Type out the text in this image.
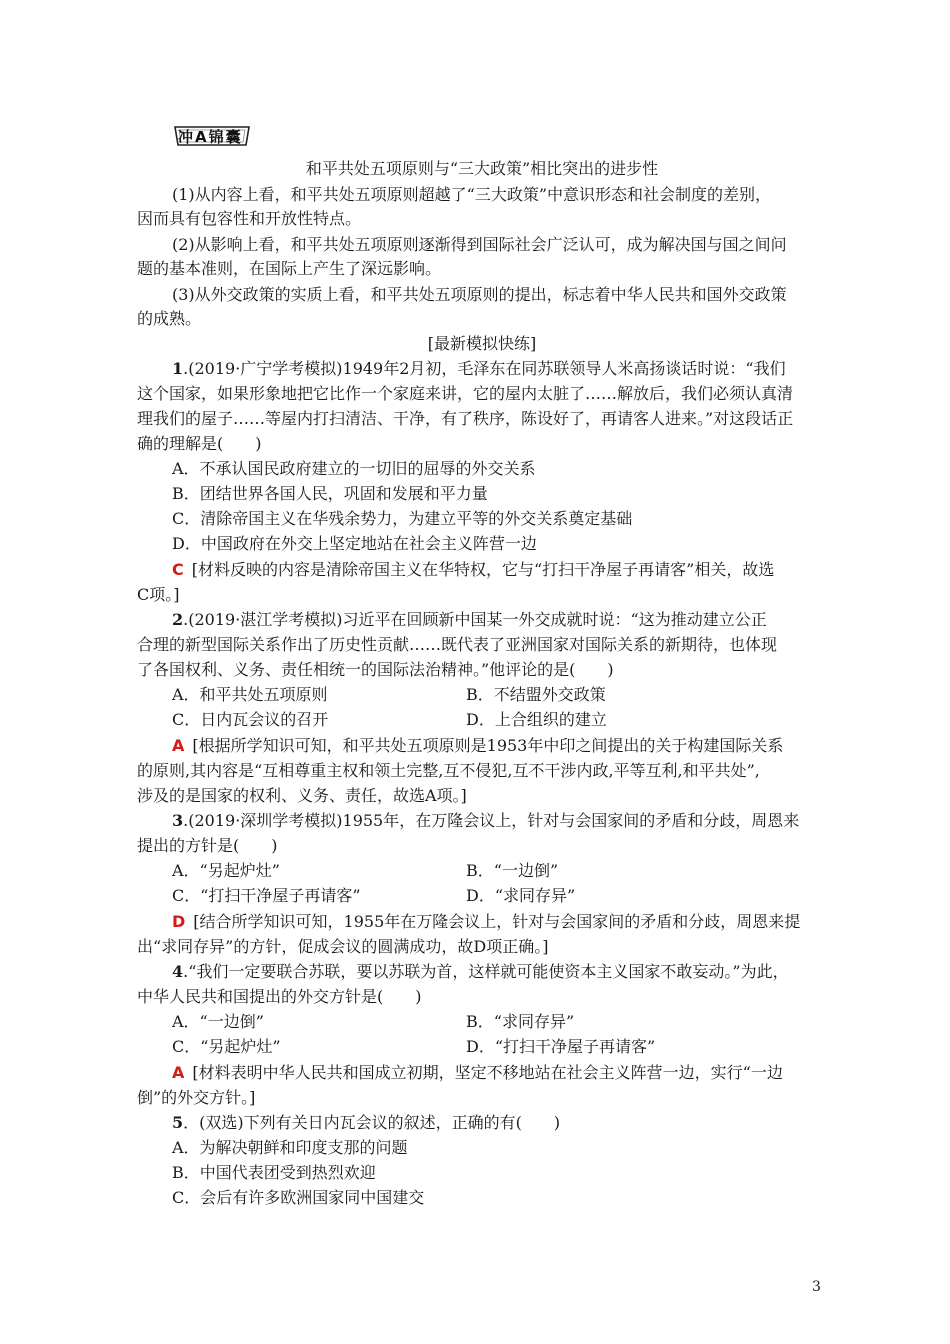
冲A锦囊
和平共处五项原则与“三大政策”相比突出的进步性
(1)从内容上看，和平共处五项原则超越了“三大政策”中意识形态和社会制度的差别，
因而具有包容性和开放性特点。
(2)从影响上看，和平共处五项原则逐渐得到国际社会广泛认可，成为解决国与国之间问
题的基本准则，在国际上产生了深远影响。
(3)从外交政策的实质上看，和平共处五项原则的提出，标志着中华人民共和国外交政策
的成熟。
[最新模拟快练]
1.(2019·广宁学考模拟)1949年2月初，毛泽东在同苏联领导人米高扬谈话时说：“我们
这个国家，如果形象地把它比作一个家庭来讲，它的屋内太脏了……解放后，我们必须认真清
理我们的屋子……等屋内打扫清洁、干净，有了秩序，陈设好了，再请客人进来。”对这段话正
确的理解是(　　)
A．不承认国民政府建立的一切旧的屈辱的外交关系
B．团结世界各国人民，巩固和发展和平力量
C．清除帝国主义在华残余势力，为建立平等的外交关系奠定基础
D．中国政府在外交上坚定地站在社会主义阵营一边
C [材料反映的内容是清除帝国主义在华特权，它与“打扫干净屋子再请客”相关，故选
C项。]
2.(2019·湛江学考模拟)习近平在回顾新中国某一外交成就时说：“这为推动建立公正
合理的新型国际关系作出了历史性贡献……既代表了亚洲国家对国际关系的新期待，也体现
了各国权利、义务、责任相统一的国际法治精神。”他评论的是(　　)
A．和平共处五项原则	B．不结盟外交政策
C．日内瓦会议的召开	D．上合组织的建立
A [根据所学知识可知，和平共处五项原则是1953年中印之间提出的关于构建国际关系
的原则,其内容是“互相尊重主权和领土完整,互不侵犯,互不干涉内政,平等互利,和平共处”,
涉及的是国家的权利、义务、责任，故选A项。]
3.(2019·深圳学考模拟)1955年，在万隆会议上，针对与会国家间的矛盾和分歧，周恩来
提出的方针是(　　)
A．“另起炉灶”	B．“一边倒”
C．“打扫干净屋子再请客”	D．“求同存异”
D [结合所学知识可知，1955年在万隆会议上，针对与会国家间的矛盾和分歧，周恩来提
出“求同存异”的方针，促成会议的圆满成功，故D项正确。]
4.“我们一定要联合苏联，要以苏联为首，这样就可能使资本主义国家不敢妄动。”为此，
中华人民共和国提出的外交方针是(　　)
A．“一边倒”	B．“求同存异”
C．“另起炉灶”	D．“打扫干净屋子再请客”
A [材料表明中华人民共和国成立初期，坚定不移地站在社会主义阵营一边，实行“一边
倒”的外交方针。]
5．(双选)下列有关日内瓦会议的叙述，正确的有(　　)
A．为解决朝鲜和印度支那的问题
B．中国代表团受到热烈欢迎
C．会后有许多欧洲国家同中国建交
3
